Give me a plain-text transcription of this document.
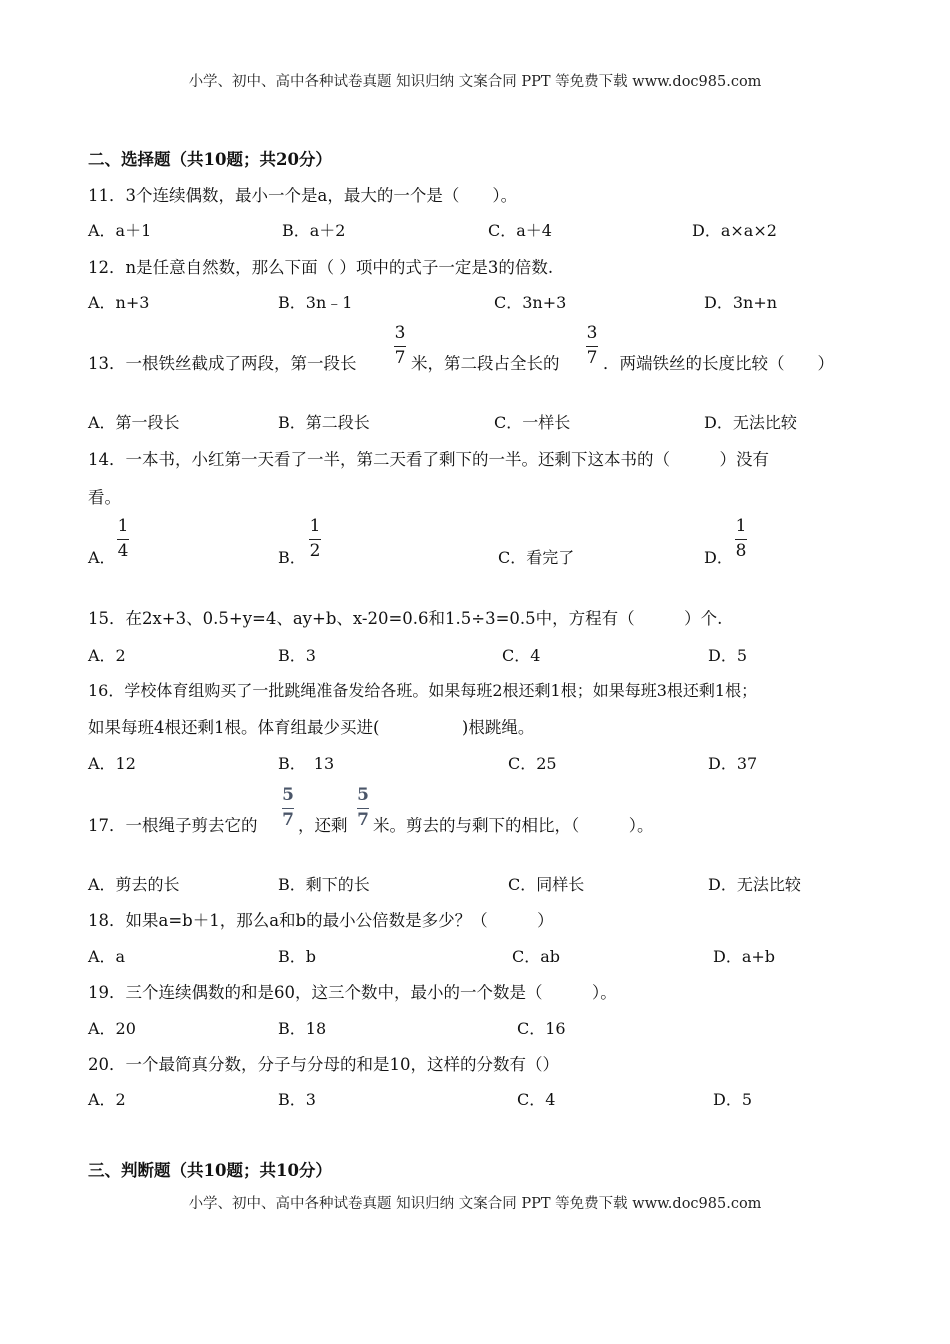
小学、初中、高中各种试卷真题 知识归纳 文案合同 PPT 等免费下载 www.doc985.com
二、选择题（共10题；共20分）
11．3个连续偶数，最小一个是a，最大的一个是（　　）。
A．a＋1	B．a＋2	C．a＋4	D．a×a×2
12．n是任意自然数，那么下面（ ）项中的式子一定是3的倍数.
A．n+3	B．3n﹣1	C．3n+3	D．3n+n
13．一根铁丝截成了两段，第一段长
3
7 米，第二段占全长的
3
7 ．两端铁丝的长度比较（　　）
A．第一段长	B．第二段长	C．一样长	D．无法比较
14．一本书，小红第一天看了一半，第二天看了剩下的一半。还剩下这本书的（　　　）没有
看。
A．
1
4	B．
1
2	C．看完了	D．
1
8
15．在2x+3、0.5+y=4、ay+b、x-20=0.6和1.5÷3=0.5中，方程有（　　　）个.
A．2	B．3	C．4	D．5
16．学校体育组购买了一批跳绳准备发给各班。如果每班2根还剩1根；如果每班3根还剩1根；
如果每班4根还剩1根。体育组最少买进(　　　　　)根跳绳。
A．12	B．　13	C．25	D．37
17．一根绳子剪去它的
5
7 ，还剩
5
7 米。剪去的与剩下的相比，（　　　）。
A．剪去的长	B．剩下的长	C．同样长	D．无法比较
18．如果a=b＋1，那么a和b的最小公倍数是多少？（　　　）
A．a	B．b	C．ab	D．a+b
19．三个连续偶数的和是60，这三个数中，最小的一个数是（　　　）。
A．20	B．18	C．16
20．一个最简真分数，分子与分母的和是10，这样的分数有（）
A．2	B．3	C．4	D．5
三、判断题（共10题；共10分）
小学、初中、高中各种试卷真题 知识归纳 文案合同 PPT 等免费下载 www.doc985.com
